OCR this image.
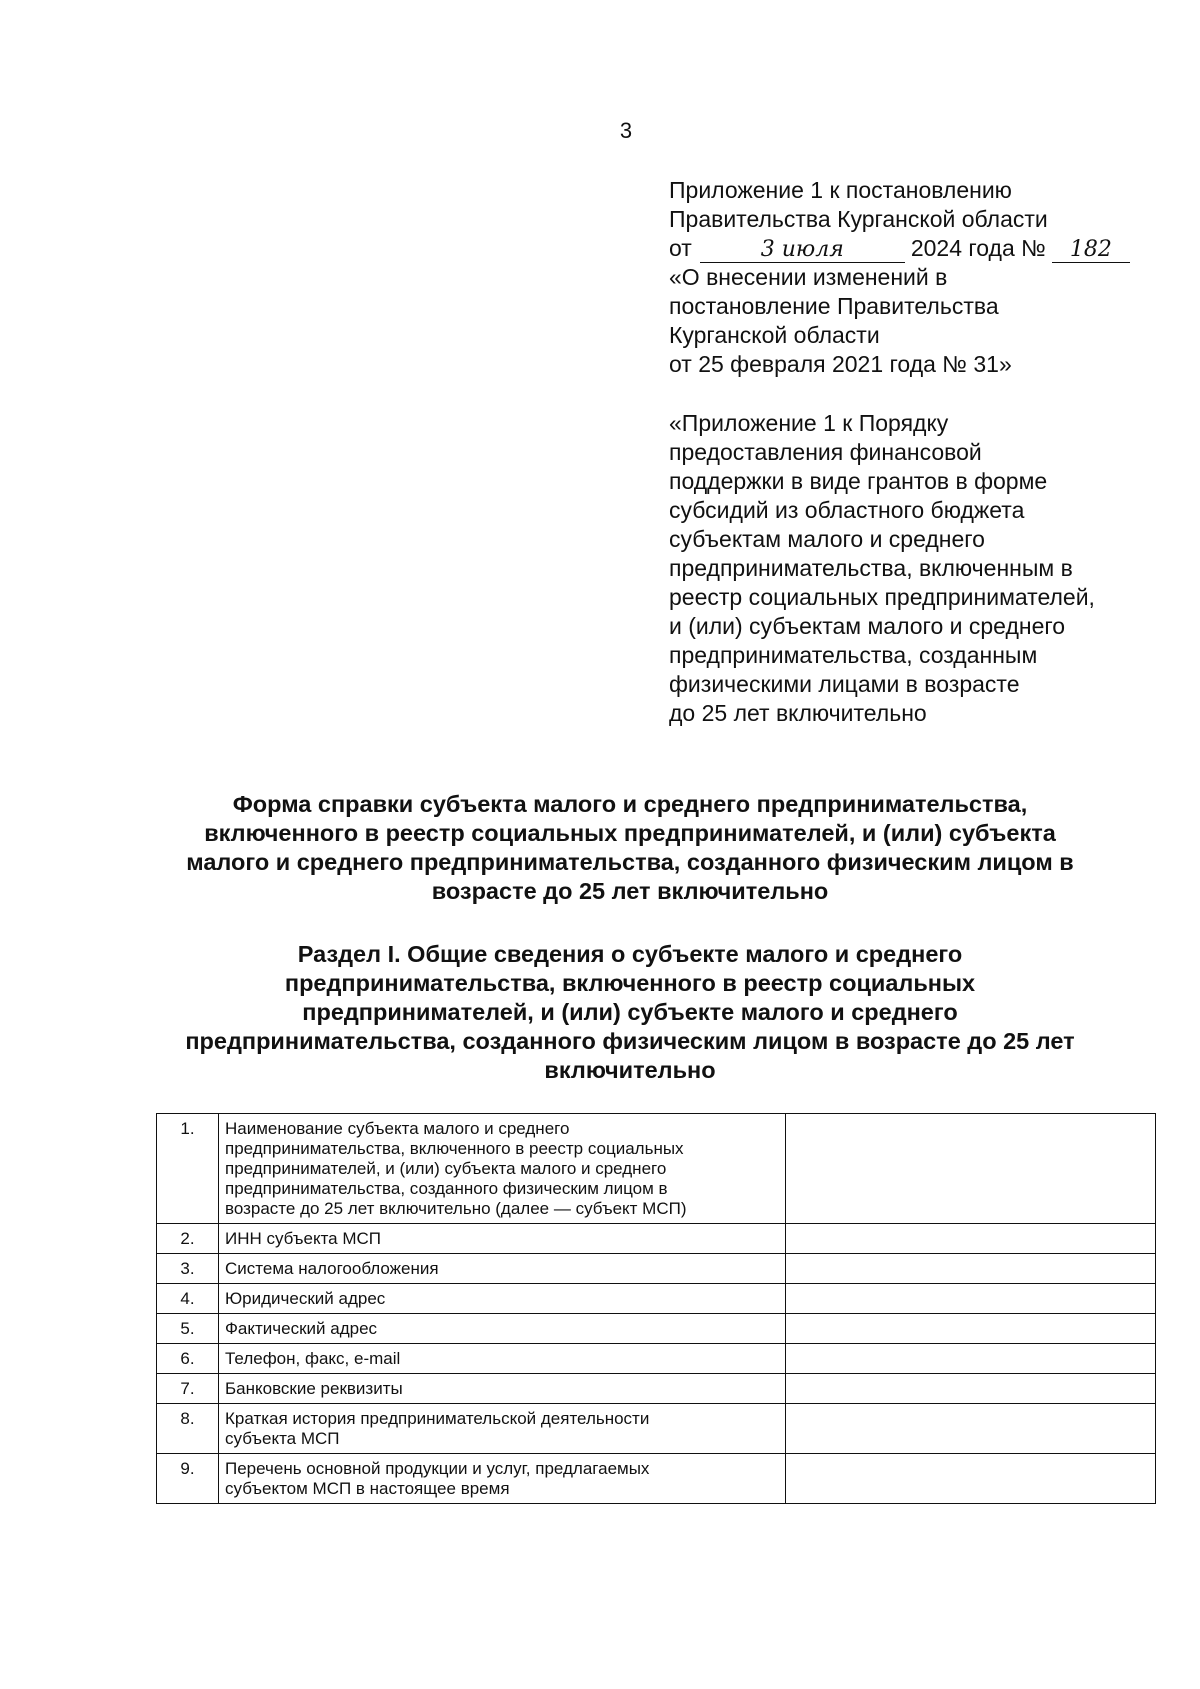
3
Приложение 1 к постановлению
Правительства Курганской области
от	3 июля	2024 года № 182
«О внесении изменений в
постановление Правительства
Курганской области
от 25 февраля 2021 года № 31»
«Приложение 1 к Порядку
предоставления финансовой
поддержки в виде грантов в форме
субсидий из областного бюджета
субъектам малого и среднего
предпринимательства, включенным в
реестр социальных предпринимателей,
и (или) субъектам малого и среднего
предпринимательства, созданным
физическими лицами в возрасте
до 25 лет включительно
Форма справки субъекта малого и среднего предпринимательства,
включенного в реестр социальных предпринимателей, и (или) субъекта
малого и среднего предпринимательства, созданного физическим лицом в
возрасте до 25 лет включительно
Раздел I. Общие сведения о субъекте малого и среднего
предпринимательства, включенного в реестр социальных
предпринимателей, и (или) субъекте малого и среднего
предпринимательства, созданного физическим лицом в возрасте до 25 лет
включительно
1.	Наименование субъекта малого и среднего
предпринимательства, включенного в реестр социальных
предпринимателей, и (или) субъекта малого и среднего
предпринимательства, созданного физическим лицом в
возрасте до 25 лет включительно (далее — субъект МСП)	

2.	ИНН субъекта МСП	

3.	Система налогообложения	

4.	Юридический адрес	

5.	Фактический адрес	

6.	Телефон, факс, e-mail	

7.	Банковские реквизиты	

8.	Краткая история предпринимательской деятельности
субъекта МСП	

9.	Перечень основной продукции и услуг, предлагаемых
субъектом МСП в настоящее время	
